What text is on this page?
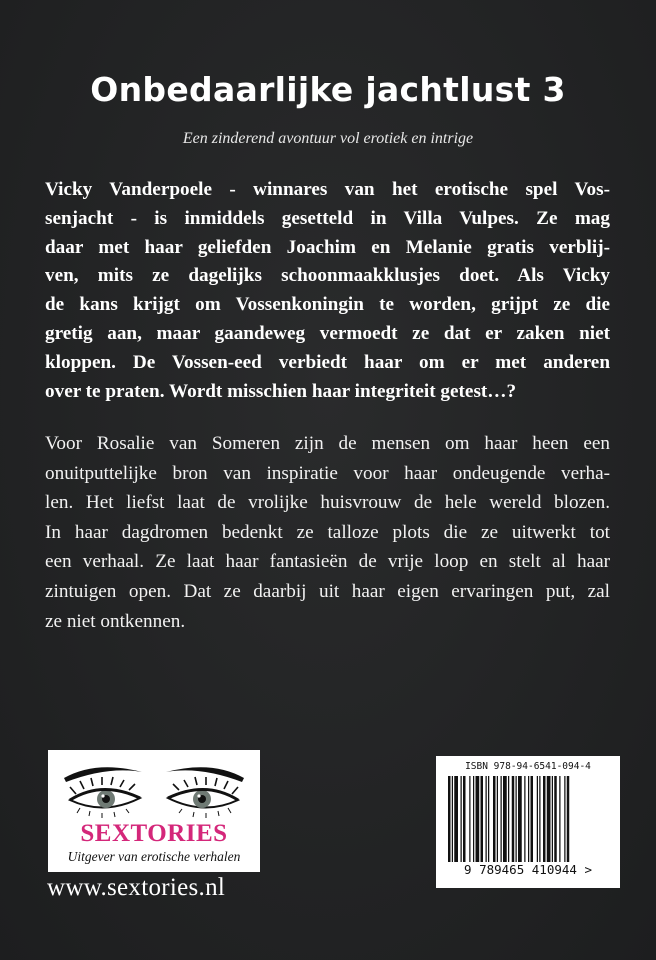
Onbedaarlijke jachtlust 3
Een zinderend avontuur vol erotiek en intrige

Vicky Vanderpoele - winnares van het erotische spel Vos-
senjacht - is inmiddels gesetteld in Villa Vulpes. Ze mag
daar met haar geliefden Joachim en Melanie gratis verblij-
ven, mits ze dagelijks schoonmaakklusjes doet. Als Vicky
de kans krijgt om Vossenkoningin te worden, grijpt ze die
gretig aan, maar gaandeweg vermoedt ze dat er zaken niet
kloppen. De Vossen-eed verbiedt haar om er met anderen
over te praten. Wordt misschien haar integriteit getest…?

Voor Rosalie van Someren zijn de mensen om haar heen een
onuitputtelijke bron van inspiratie voor haar ondeugende verha-
len. Het liefst laat de vrolijke huisvrouw de hele wereld blozen.
In haar dagdromen bedenkt ze talloze plots die ze uitwerkt tot
een verhaal. Ze laat haar fantasieën de vrije loop en stelt al haar
zintuigen open. Dat ze daarbij uit haar eigen ervaringen put, zal
ze niet ontkennen.

SEXTORIES
Uitgever van erotische verhalen
www.sextories.nl
ISBN 978-94-6541-094-4
9 789465 410944 >
